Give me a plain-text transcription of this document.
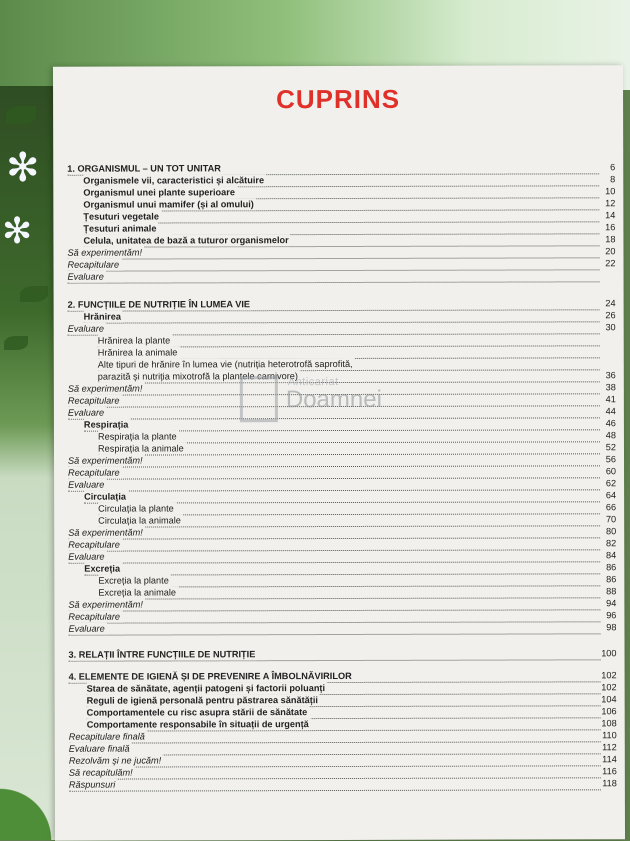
✻
✻
CUPRINS
1. ORGANISMUL – UN TOT UNITAR	6
Organismele vii, caracteristici și alcătuire	8
Organismul unei plante superioare	10
Organismul unui mamifer (și al omului)	12
Țesuturi vegetale	14
Țesuturi animale	16
Celula, unitatea de bază a tuturor organismelor	18
Să experimentăm!	20
Recapitulare	22
Evaluare
2. FUNCȚIILE DE NUTRIȚIE ÎN LUMEA VIE	24
Hrănirea	26
Evaluare	30
Hrănirea la plante
Hrănirea la animale
Alte tipuri de hrănire în lumea vie (nutriția heterotrofă saprofită,
parazită și nutriția mixotrofă la plantele carnivore)	36
Să experimentăm!	38
Recapitulare	41
Evaluare	44
Respirația	46
Respirația la plante	48
Respirația la animale	52
Să experimentăm!	56
Recapitulare	60
Evaluare	62
Circulația	64
Circulația la plante	66
Circulația la animale	70
Să experimentăm!	80
Recapitulare	82
Evaluare	84
Excreția	86
Excreția la plante	86
Excreția la animale	88
Să experimentăm!	94
Recapitulare	96
Evaluare	98
3. RELAȚII ÎNTRE FUNCȚIILE DE NUTRIȚIE	100
4. ELEMENTE DE IGIENĂ ȘI DE PREVENIRE A ÎMBOLNĂVIRILOR	102
Starea de sănătate, agenții patogeni și factorii poluanți	102
Reguli de igienă personală pentru păstrarea sănătății	104
Comportamentele cu risc asupra stării de sănătate	106
Comportamente responsabile în situații de urgență	108
Recapitulare finală	110
Evaluare finală	112
Rezolvăm și ne jucăm!	114
Să recapitulăm!	116
Răspunsuri	118
Anticariat
Doamnei
